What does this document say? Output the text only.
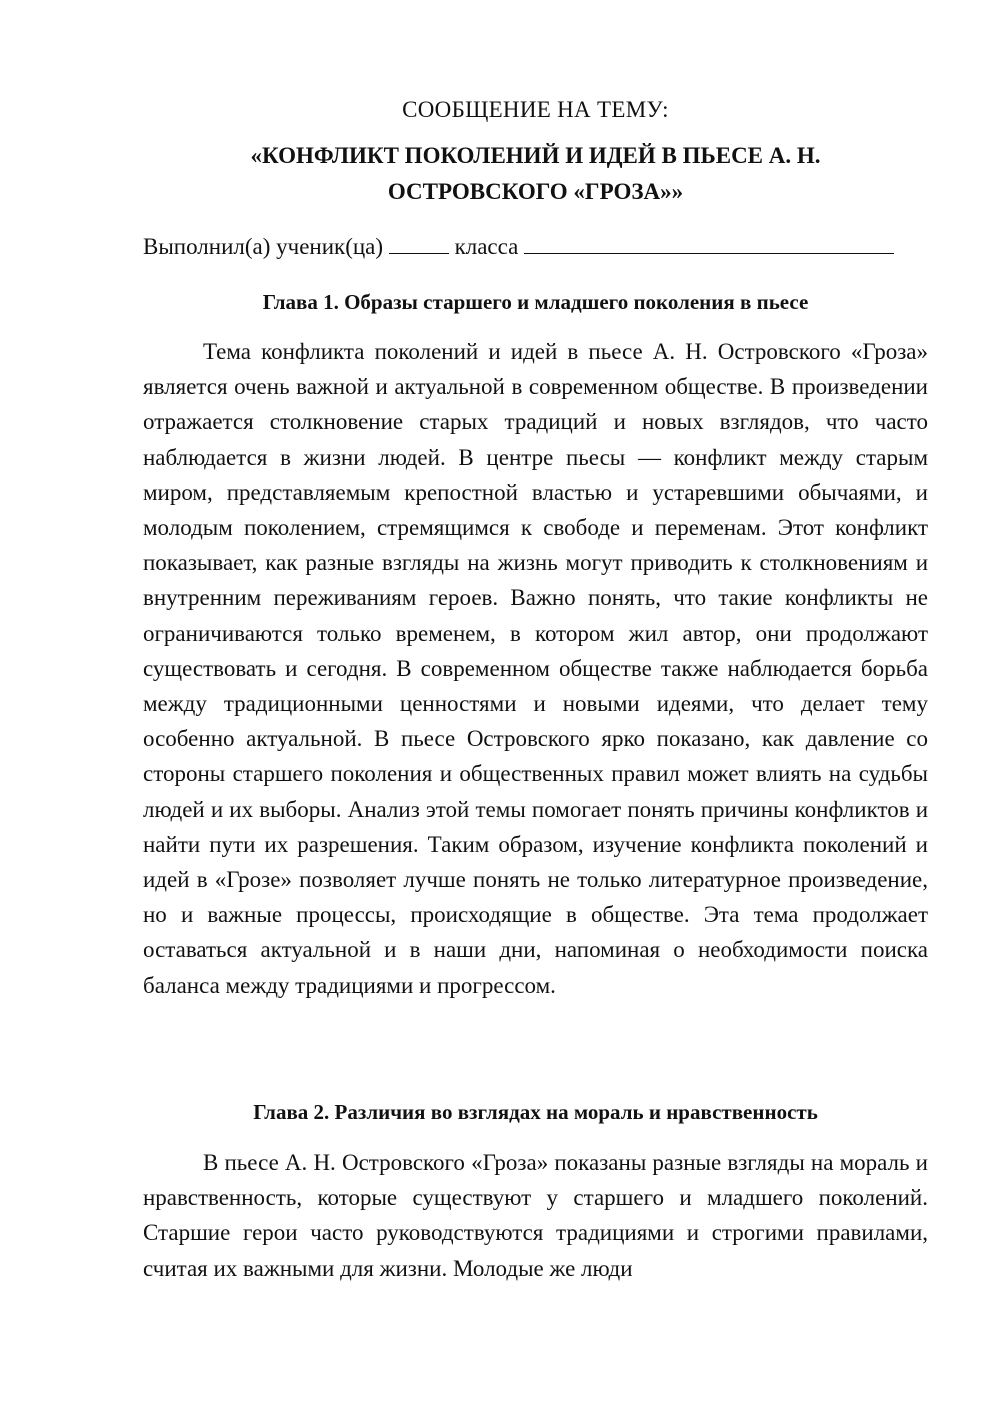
СООБЩЕНИЕ НА ТЕМУ:

«КОНФЛИКТ ПОКОЛЕНИЙ И ИДЕЙ В ПЬЕСЕ А. Н.
ОСТРОВСКОГО «ГРОЗА»»
Выполнил(а) ученик(ца)	класса
Глава 1. Образы старшего и младшего поколения в пьесе

Тема конфликта поколений и идей в пьесе А. Н. Островского «Гроза» является очень важной и актуальной в современном обществе. В произведении отражается столкновение старых традиций и новых взглядов, что часто наблюдается в жизни людей. В центре пьесы — конфликт между старым миром, представляемым крепостной властью и устаревшими обычаями, и молодым поколением, стремящимся к свободе и переменам. Этот конфликт показывает, как разные взгляды на жизнь могут приводить к столкновениям и внутренним переживаниям героев. Важно понять, что такие конфликты не ограничиваются только временем, в котором жил автор, они продолжают существовать и сегодня. В современном обществе также наблюдается борьба между традиционными ценностями и новыми идеями, что делает тему особенно актуальной. В пьесе Островского ярко показано, как давление со стороны старшего поколения и общественных правил может влиять на судьбы людей и их выборы. Анализ этой темы помогает понять причины конфликтов и найти пути их разрешения. Таким образом, изучение конфликта поколений и идей в «Грозе» позволяет лучше понять не только литературное произведение, но и важные процессы, происходящие в обществе. Эта тема продолжает оставаться актуальной и в наши дни, напоминая о необходимости поиска баланса между традициями и прогрессом.

Глава 2. Различия во взглядах на мораль и нравственность

В пьесе А. Н. Островского «Гроза» показаны разные взгляды на мораль и нравственность, которые существуют у старшего и младшего поколений. Старшие герои часто руководствуются традициями и строгими правилами, считая их важными для жизни. Молодые же люди
